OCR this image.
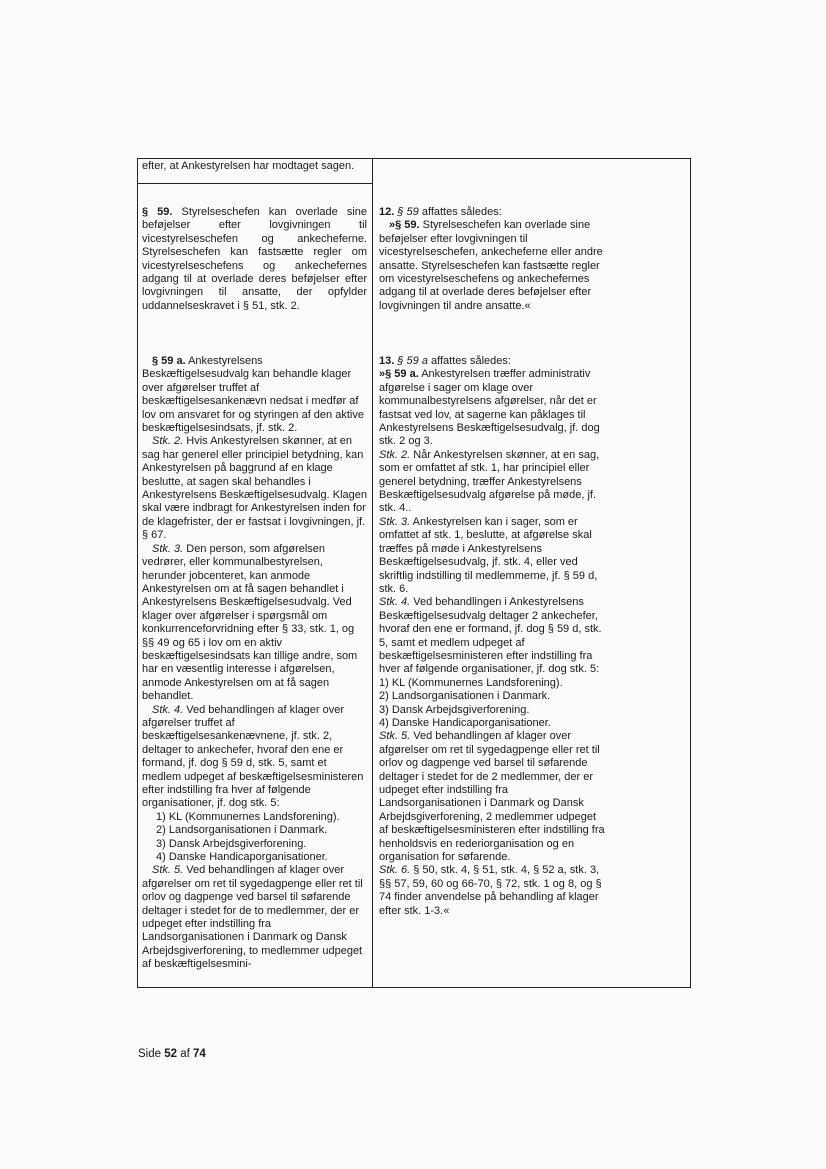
efter, at Ankestyrelsen har modtaget sagen.

§ 59. Styrelseschefen kan overlade sine beføjelser efter lovgivningen til vicestyrelseschefen og ankecheferne. Styrelseschefen kan fastsætte regler om vicestyrelseschefens og ankechefernes adgang til at overlade deres beføjelser efter lovgivningen til ansatte, der opfylder uddannelseskravet i § 51, stk. 2.

§ 59 a. Ankestyrelsens Beskæftigelsesudvalg kan behandle klager over afgørelser truffet af beskæftigelsesankenævn nedsat i medfør af lov om ansvaret for og styringen af den aktive beskæftigelsesindsats, jf. stk. 2.

Stk. 2. Hvis Ankestyrelsen skønner, at en sag har generel eller principiel betydning, kan Ankestyrelsen på baggrund af en klage beslutte, at sagen skal behandles i Ankestyrelsens Beskæftigelsesudvalg. Klagen skal være indbragt for Ankestyrelsen inden for de klagefrister, der er fastsat i lovgivningen, jf. § 67.

Stk. 3. Den person, som afgørelsen vedrører, eller kommunalbestyrelsen, herunder jobcenteret, kan anmode Ankestyrelsen om at få sagen behandlet i Ankestyrelsens Beskæftigelsesudvalg. Ved klager over afgørelser i spørgsmål om konkurrenceforvridning efter § 33, stk. 1, og §§ 49 og 65 i lov om en aktiv beskæftigelsesindsats kan tillige andre, som har en væsentlig interesse i afgørelsen, anmode Ankestyrelsen om at få sagen behandlet.

Stk. 4. Ved behandlingen af klager over afgørelser truffet af beskæftigelsesankenævnene, jf. stk. 2, deltager to ankechefer, hvoraf den ene er formand, jf. dog § 59 d, stk. 5, samt et medlem udpeget af beskæftigelsesministeren efter indstilling fra hver af følgende organisationer, jf. dog stk. 5:

1) KL (Kommunernes Landsforening).

2) Landsorganisationen i Danmark.

3) Dansk Arbejdsgiverforening.

4) Danske Handicaporganisationer.

Stk. 5. Ved behandlingen af klager over afgørelser om ret til sygedagpenge eller ret til orlov og dagpenge ved barsel til søfarende deltager i stedet for de to medlemmer, der er udpeget efter indstilling fra Landsorganisationen i Danmark og Dansk Arbejdsgiverforening, to medlemmer udpeget af beskæftigelsesmini-

12. § 59 affattes således:

»§ 59. Styrelseschefen kan overlade sine beføjelser efter lovgivningen til vicestyrelseschefen, ankecheferne eller andre ansatte. Styrelseschefen kan fastsætte regler om vicestyrelseschefens og ankechefernes adgang til at overlade deres beføjelser efter lovgivningen til andre ansatte.«

13. § 59 a affattes således:

»§ 59 a. Ankestyrelsen træffer administrativ afgørelse i sager om klage over kommunalbestyrelsens afgørelser, når det er fastsat ved lov, at sagerne kan påklages til Ankestyrelsens Beskæftigelsesudvalg, jf. dog stk. 2 og 3.

Stk. 2. Når Ankestyrelsen skønner, at en sag, som er omfattet af stk. 1, har principiel eller generel betydning, træffer Ankestyrelsens Beskæftigelsesudvalg afgørelse på møde, jf. stk. 4..

Stk. 3. Ankestyrelsen kan i sager, som er omfattet af stk. 1, beslutte, at afgørelse skal træffes på møde i Ankestyrelsens Beskæftigelsesudvalg, jf. stk. 4, eller ved skriftlig indstilling til medlemmerne, jf. § 59 d, stk. 6.

Stk. 4. Ved behandlingen i Ankestyrelsens Beskæftigelsesudvalg deltager 2 ankechefer, hvoraf den ene er formand, jf. dog § 59 d, stk. 5, samt et medlem udpeget af beskæftigelsesministeren efter indstilling fra hver af følgende organisationer, jf. dog stk. 5:

1) KL (Kommunernes Landsforening).

2) Landsorganisationen i Danmark.

3) Dansk Arbejdsgiverforening.

4) Danske Handicaporganisationer.

Stk. 5. Ved behandlingen af klager over afgørelser om ret til sygedagpenge eller ret til orlov og dagpenge ved barsel til søfarende deltager i stedet for de 2 medlemmer, der er udpeget efter indstilling fra Landsorganisationen i Danmark og Dansk Arbejdsgiverforening, 2 medlemmer udpeget af beskæftigelsesministeren efter indstilling fra henholdsvis en rederiorganisation og en organisation for søfarende.

Stk. 6. § 50, stk. 4, § 51, stk. 4, § 52 a, stk. 3, §§ 57, 59, 60 og 66-70, § 72, stk. 1 og 8, og § 74 finder anvendelse på behandling af klager efter stk. 1-3.«

Side 52 af 74
